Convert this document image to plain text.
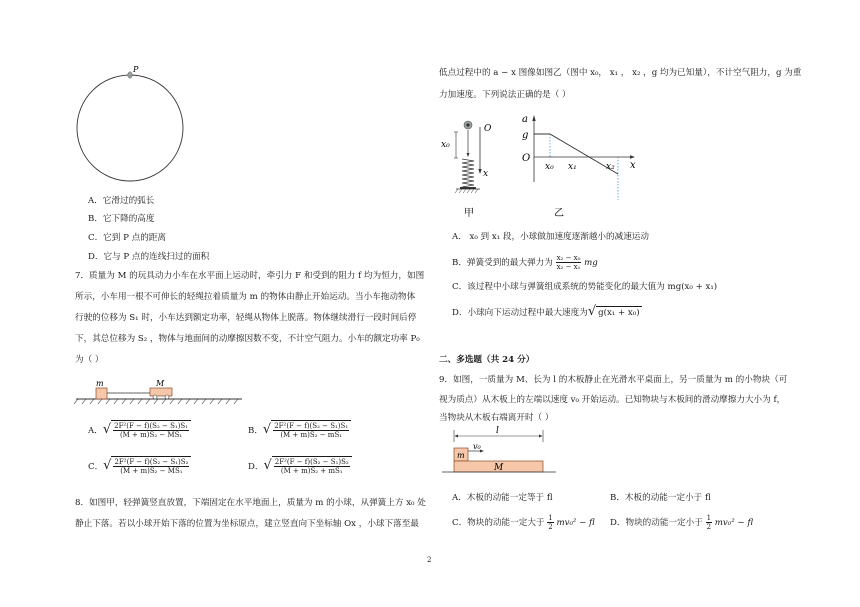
P
A．它滑过的弧长
B．它下降的高度
C．它到 P 点的距离
D．它与 P 点的连线扫过的面积
7．质量为 M 的玩具动力小车在水平面上运动时，牵引力 F 和受到的阻力 f 均为恒力，如图
所示，小车用一根不可伸长的轻绳拉着质量为 m 的物体由静止开始运动。当小车拖动物体
行驶的位移为 S₁ 时，小车达到额定功率，轻绳从物体上脱落。物体继续滑行一段时间后停
下，其总位移为 S₂ ，物体与地面间的动摩擦因数不变，不计空气阻力。小车的额定功率 P₀
为（ ）
m	M
A．√ $\frac{\text{2F²(F − f)(S₂ − S₁)S₁}}{\text{(M + m)S₂ − MS₁}}$	B．√ $\frac{\text{2F²(F − f)(S₂ − S₁)S₁}}{\text{(M + m)S₂ − mS₁}}$
C．√ $\frac{\text{2F²(F − f)(S₂ − S₁)S₂}}{\text{(M + m)S₂ − MS₁}}$	D．√ $\frac{\text{2F²(F − f)(S₂ − S₁)S₂}}{\text{(M + m)S₂ + mS₁}}$
8．如图甲，轻弹簧竖直放置，下端固定在水平地面上，质量为 m 的小球，从弹簧上方 x₀ 处
静止下落。若以小球开始下落的位置为坐标原点，建立竖直向下坐标轴 Ox ，小球下落至最
低点过程中的 a − x 图像如图乙（图中 x₀， x₁ ， x₂ ，g 均为已知量），不计空气阻力，g 为重
力加速度。下列说法正确的是（ ）
x₀
O
x
甲
a
g
O
x₀ x₁	x₂ x
乙
A． x₀ 到 x₁ 段，小球做加速度逐渐越小的减速运动
B．弹簧受到的最大弹力为 $\frac{\text{x₂ − x₀}}{\text{x₂ − x₁}}$ mg
C．该过程中小球与弹簧组成系统的势能变化的最大值为 mg(x₀ + x₁)
D．小球向下运动过程中最大速度为√ g(x₁ + x₀)
二、多选题（共 24 分）
9．如图，一质量为 M、长为 l 的木板静止在光滑水平桌面上，另一质量为 m 的小物块（可
视为质点）从木板上的左端以速度 v₀ 开始运动。已知物块与木板间的滑动摩擦力大小为 f，
当物块从木板右端离开时（ ）
l
v₀
m
M
A．木板的动能一定等于 fl	B．木板的动能一定小于 fl
C．物块的动能一定大于 $\frac{1}{2} mv_0^2$ − fl D．物块的动能一定小于 $\frac{1}{2} mv_0^2$ − fl
2
